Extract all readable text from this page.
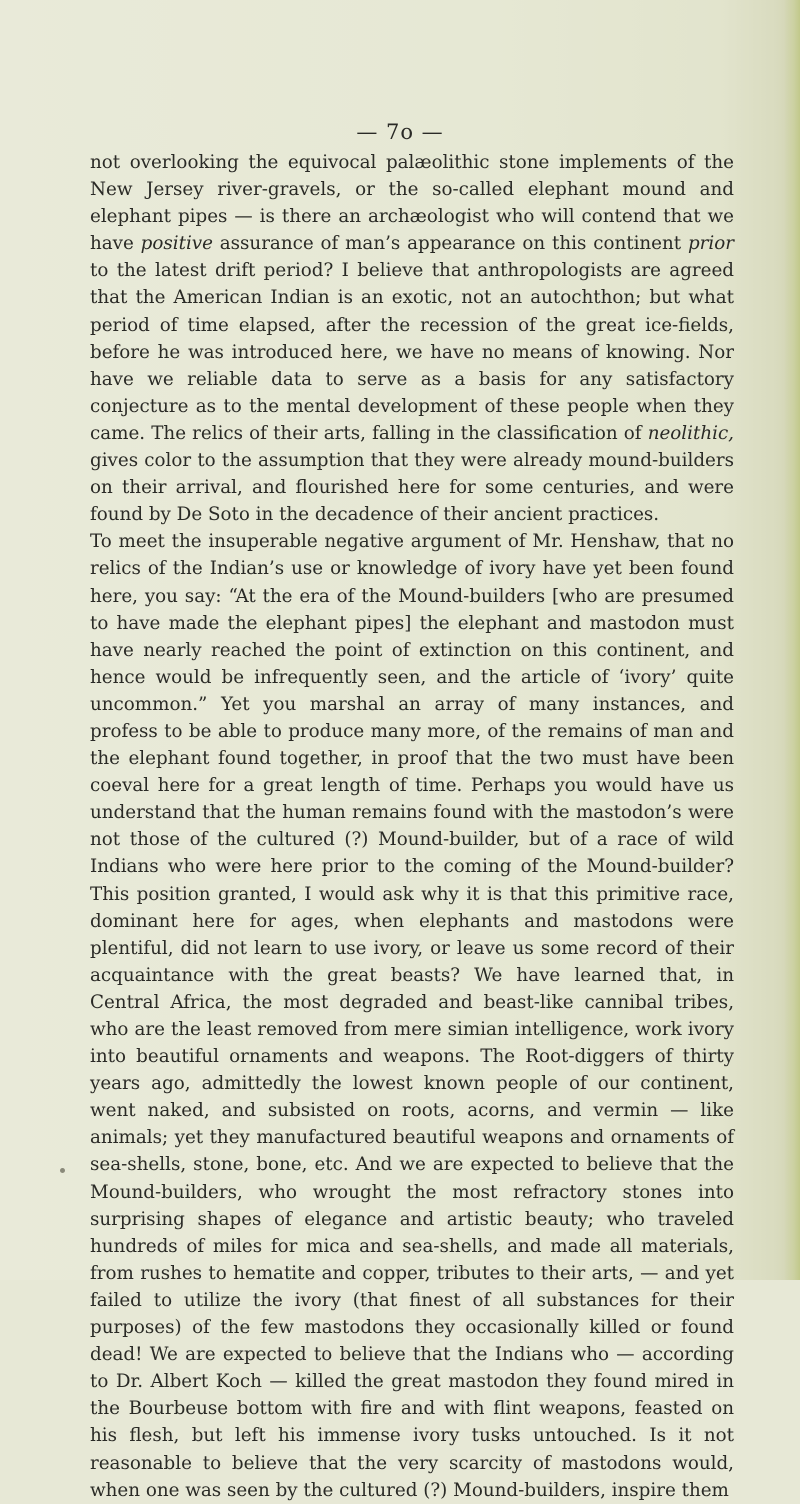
— 7o —

not overlooking the equivocal palæolithic stone implements of the New Jersey river-gravels, or the so-called elephant mound and elephant pipes — is there an archæologist who will contend that we have positive assurance of man’s appearance on this continent prior to the latest drift period? I believe that anthropologists are agreed that the American Indian is an exotic, not an autochthon; but what period of time elapsed, after the recession of the great ice-fields, before he was introduced here, we have no means of knowing. Nor have we reliable data to serve as a basis for any satisfactory conjecture as to the mental development of these people when they came. The relics of their arts, falling in the classification of neolithic, gives color to the assumption that they were already mound-builders on their arrival, and flourished here for some centuries, and were found by De Soto in the decadence of their ancient practices.

To meet the insuperable negative argument of Mr. Henshaw, that no relics of the Indian’s use or knowledge of ivory have yet been found here, you say: “At the era of the Mound-builders [who are presumed to have made the elephant pipes] the elephant and mastodon must have nearly reached the point of extinction on this continent, and hence would be infrequently seen, and the article of ‘ivory’ quite uncommon.” Yet you marshal an array of many instances, and profess to be able to produce many more, of the remains of man and the elephant found together, in proof that the two must have been coeval here for a great length of time. Perhaps you would have us understand that the human remains found with the mastodon’s were not those of the cultured (?) Mound-builder, but of a race of wild Indians who were here prior to the coming of the Mound-builder? This position granted, I would ask why it is that this primitive race, dominant here for ages, when elephants and mastodons were plentiful, did not learn to use ivory, or leave us some record of their acquaintance with the great beasts? We have learned that, in Central Africa, the most degraded and beast-like cannibal tribes, who are the least removed from mere simian intelligence, work ivory into beautiful ornaments and weapons. The Root-diggers of thirty years ago, admittedly the lowest known people of our continent, went naked, and subsisted on roots, acorns, and vermin — like animals; yet they manufactured beautiful weapons and ornaments of sea-shells, stone, bone, etc. And we are expected to believe that the Mound-builders, who wrought the most refractory stones into surprising shapes of elegance and artistic beauty; who traveled hundreds of miles for mica and sea-shells, and made all materials, from rushes to hematite and copper, tributes to their arts, — and yet failed to utilize the ivory (that finest of all substances for their purposes) of the few mastodons they occasionally killed or found dead! We are expected to believe that the Indians who — according to Dr. Albert Koch — killed the great mastodon they found mired in the Bourbeuse bottom with fire and with flint weapons, feasted on his flesh, but left his immense ivory tusks untouched. Is it not reasonable to believe that the very scarcity of mastodons would, when one was seen by the cultured (?) Mound-builders, inspire them
